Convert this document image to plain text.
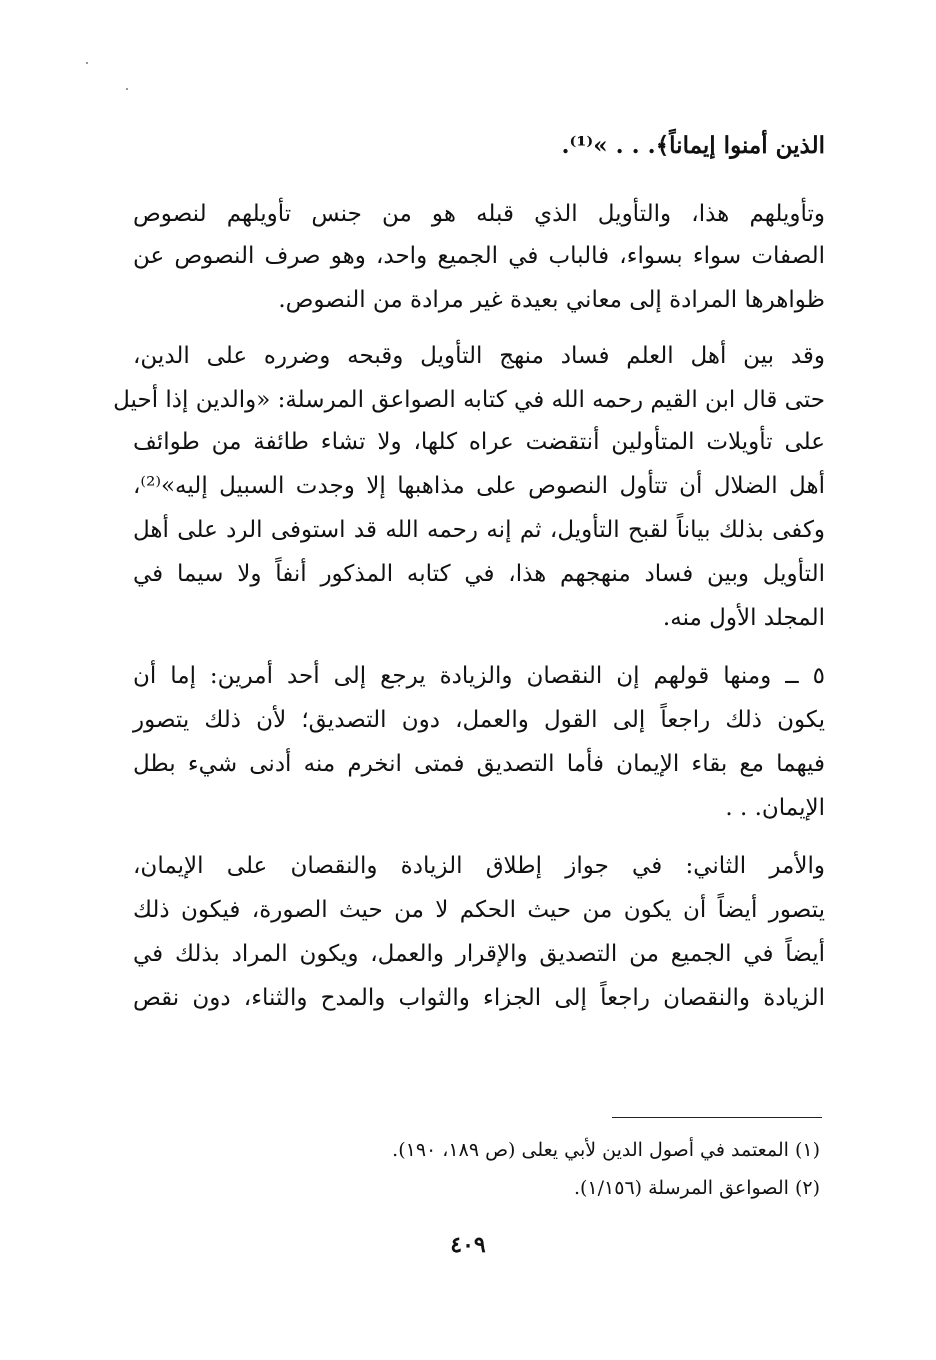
الذين أمنوا إيماناً﴾. . . »⁽¹⁾.
وتأويلهم هذا، والتأويل الذي قبله هو من جنس تأويلهم لنصوص
الصفات سواء بسواء، فالباب في الجميع واحد، وهو صرف النصوص عن
ظواهرها المرادة إلى معاني بعيدة غير مرادة من النصوص.
وقد بين أهل العلم فساد منهج التأويل وقبحه وضرره على الدين،
حتى قال ابن القيم رحمه الله في كتابه الصواعق المرسلة: «والدين إذا أحيل
على تأويلات المتأولين أنتقضت عراه كلها، ولا تشاء طائفة من طوائف
أهل الضلال أن تتأول النصوص على مذاهبها إلا وجدت السبيل إليه»⁽²⁾،
وكفى بذلك بياناً لقبح التأويل، ثم إنه رحمه الله قد استوفى الرد على أهل
التأويل وبين فساد منهجهم هذا، في كتابه المذكور أنفاً ولا سيما في
المجلد الأول منه.
٥ ــ ومنها قولهم إن النقصان والزيادة يرجع إلى أحد أمرين: إما أن
يكون ذلك راجعاً إلى القول والعمل، دون التصديق؛ لأن ذلك يتصور
فيهما مع بقاء الإيمان فأما التصديق فمتى انخرم منه أدنى شيء بطل
الإيمان. . .
والأمر الثاني: في جواز إطلاق الزيادة والنقصان على الإيمان،
يتصور أيضاً أن يكون من حيث الحكم لا من حيث الصورة، فيكون ذلك
أيضاً في الجميع من التصديق والإقرار والعمل، ويكون المراد بذلك في
الزيادة والنقصان راجعاً إلى الجزاء والثواب والمدح والثناء، دون نقص
(١) المعتمد في أصول الدين لأبي يعلى (ص ١٨٩، ١٩٠).
(٢) الصواعق المرسلة (١/١٥٦).
٤٠٩
